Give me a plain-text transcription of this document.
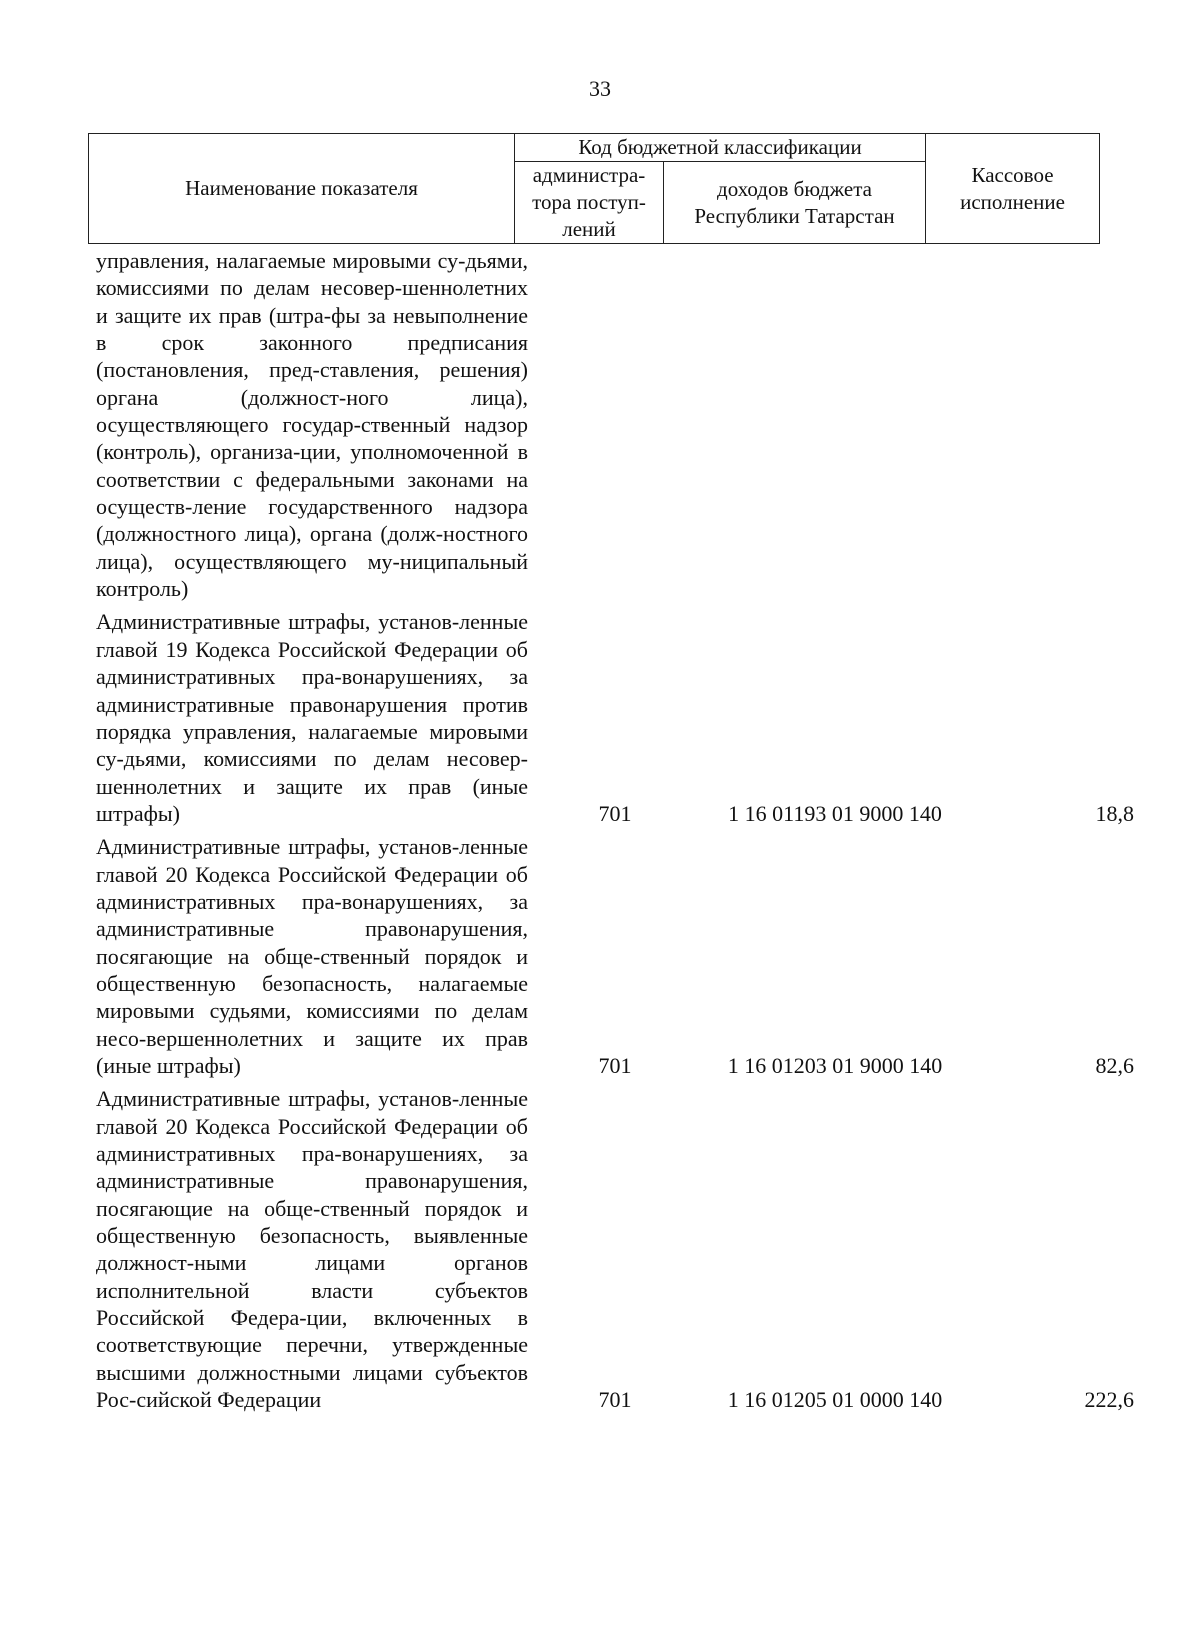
33
Наименование показателя	Код бюджетной классификации		Кассовое исполнение
	администра-тора поступ-лений	доходов бюджета Республики Татарстан	
управления, налагаемые мировыми су-дьями, комиссиями по делам несовер-шеннолетних и защите их прав (штра-фы за невыполнение в срок законного предписания (постановления, пред-ставления, решения) органа (должност-ного лица), осуществляющего государ-ственный надзор (контроль), организа-ции, уполномоченной в соответствии с федеральными законами на осуществ-ление государственного надзора (должностного лица), органа (долж-ностного лица), осуществляющего му-ниципальный контроль)
Административные штрафы, установ-ленные главой 19 Кодекса Российской Федерации об административных пра-вонарушениях, за административные правонарушения против порядка управления, налагаемые мировыми су-дьями, комиссиями по делам несовер-шеннолетних и защите их прав (иные штрафы)	701	1 16 01193 01 9000 140	18,8
Административные штрафы, установ-ленные главой 20 Кодекса Российской Федерации об административных пра-вонарушениях, за административные правонарушения, посягающие на обще-ственный порядок и общественную безопасность, налагаемые мировыми судьями, комиссиями по делам несо-вершеннолетних и защите их прав (иные штрафы)	701	1 16 01203 01 9000 140	82,6
Административные штрафы, установ-ленные главой 20 Кодекса Российской Федерации об административных пра-вонарушениях, за административные правонарушения, посягающие на обще-ственный порядок и общественную безопасность, выявленные должност-ными лицами органов исполнительной власти субъектов Российской Федера-ции, включенных в соответствующие перечни, утвержденные высшими должностными лицами субъектов Рос-сийской Федерации	701	1 16 01205 01 0000 140	222,6
